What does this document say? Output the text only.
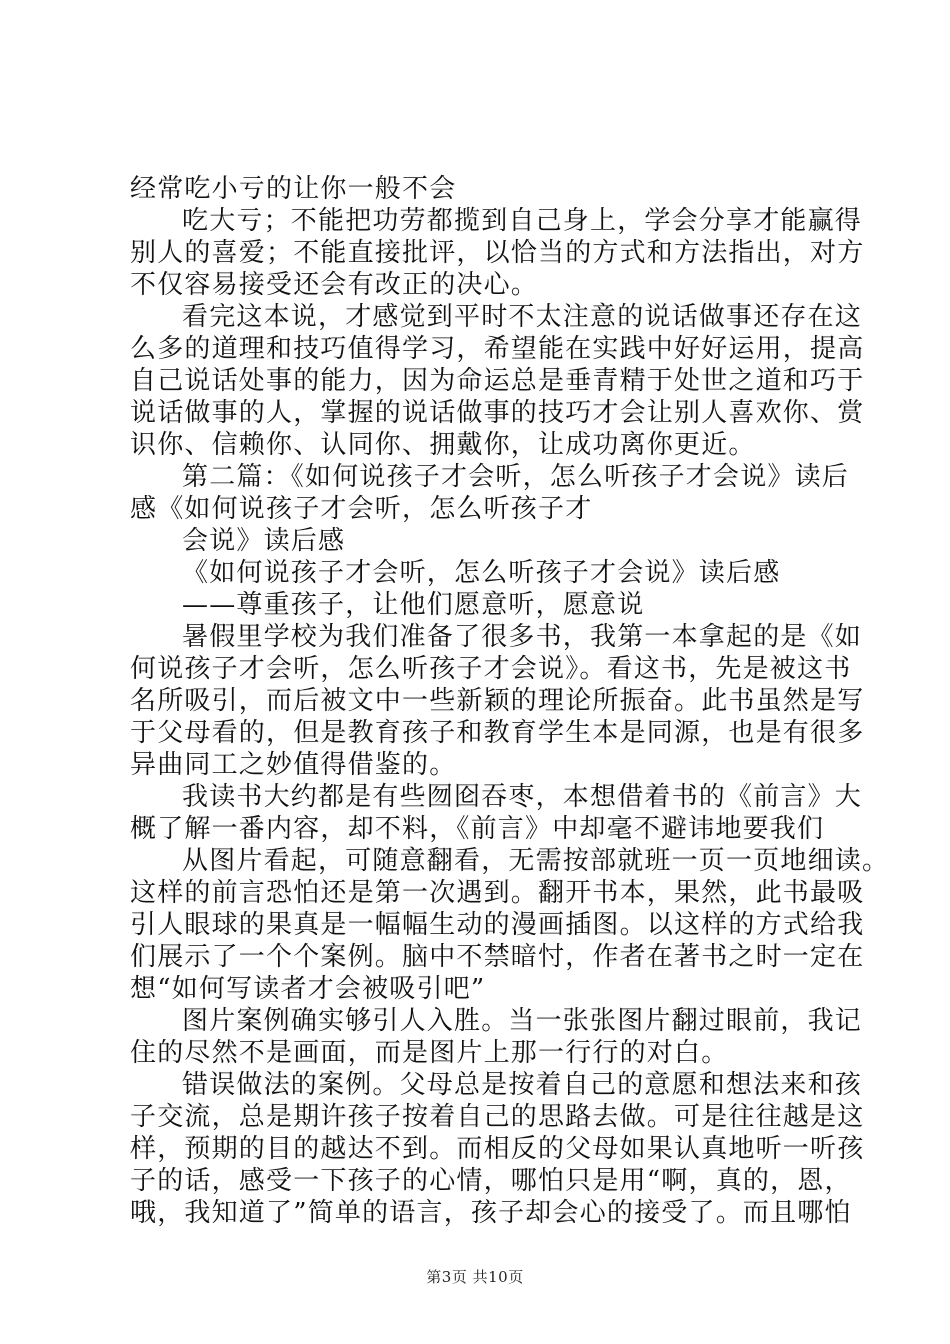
经常吃小亏的让你一般不会
吃大亏；不能把功劳都揽到自己身上，学会分享才能赢得
别人的喜爱；不能直接批评，以恰当的方式和方法指出，对方
不仅容易接受还会有改正的决心。
看完这本说，才感觉到平时不太注意的说话做事还存在这
么多的道理和技巧值得学习，希望能在实践中好好运用，提高
自己说话处事的能力，因为命运总是垂青精于处世之道和巧于
说话做事的人，掌握的说话做事的技巧才会让别人喜欢你、赏
识你、信赖你、认同你、拥戴你，让成功离你更近。
第二篇：《如何说孩子才会听，怎么听孩子才会说》读后
感《如何说孩子才会听，怎么听孩子才
会说》读后感
《如何说孩子才会听，怎么听孩子才会说》读后感
——尊重孩子，让他们愿意听，愿意说
暑假里学校为我们准备了很多书，我第一本拿起的是《如
何说孩子才会听，怎么听孩子才会说》。看这书，先是被这书
名所吸引，而后被文中一些新颖的理论所振奋。此书虽然是写
于父母看的，但是教育孩子和教育学生本是同源，也是有很多
异曲同工之妙值得借鉴的。
我读书大约都是有些囫囵吞枣，本想借着书的《前言》大
概了解一番内容，却不料，《前言》中却毫不避讳地要我们
从图片看起，可随意翻看，无需按部就班一页一页地细读。
这样的前言恐怕还是第一次遇到。翻开书本，果然，此书最吸
引人眼球的果真是一幅幅生动的漫画插图。以这样的方式给我
们展示了一个个案例。脑中不禁暗忖，作者在著书之时一定在
想“如何写读者才会被吸引吧”
图片案例确实够引人入胜。当一张张图片翻过眼前，我记
住的尽然不是画面，而是图片上那一行行的对白。
错误做法的案例。父母总是按着自己的意愿和想法来和孩
子交流，总是期许孩子按着自己的思路去做。可是往往越是这
样，预期的目的越达不到。而相反的父母如果认真地听一听孩
子的话，感受一下孩子的心情，哪怕只是用“啊，真的，恩，
哦，我知道了”简单的语言，孩子却会心的接受了。而且哪怕
第3页 共10页
